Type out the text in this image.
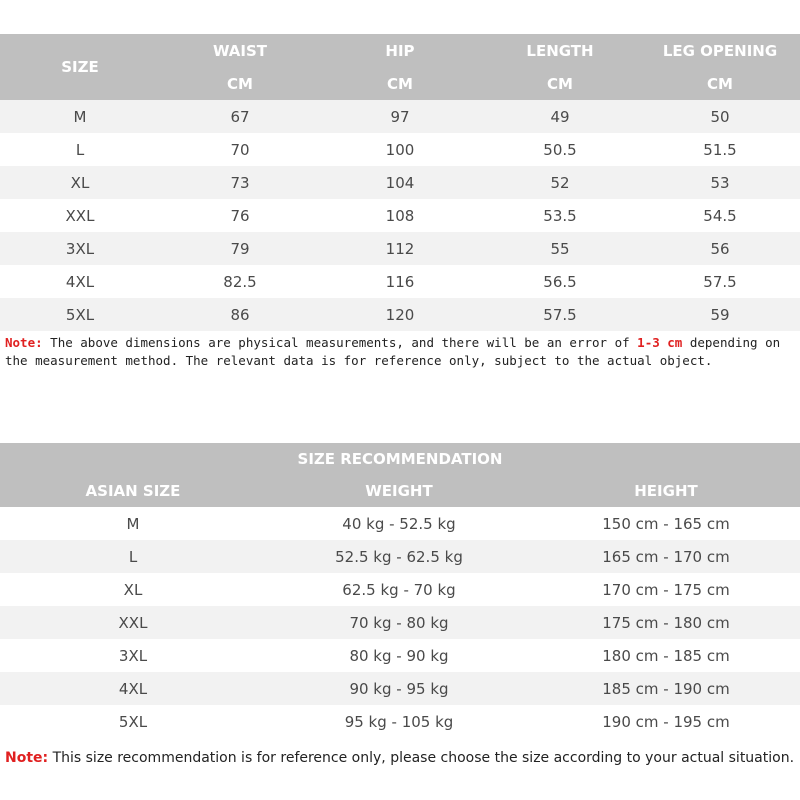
SIZE	WAIST	HIP	LENGTH	LEG OPENING
	CM	CM	CM	CM
M	67	97	49	50
L	70	100	50.5	51.5
XL	73	104	52	53
XXL	76	108	53.5	54.5
3XL	79	112	55	56
4XL	82.5	116	56.5	57.5
5XL	86	120	57.5	59
Note: The above dimensions are physical measurements, and there will be an error of 1-3 cm depending on the measurement method. The relevant data is for reference only, subject to the actual object.
SIZE RECOMMENDATION		
ASIAN SIZE	WEIGHT	HEIGHT
M	40 kg - 52.5 kg	150 cm - 165 cm
L	52.5 kg - 62.5 kg	165 cm - 170 cm
XL	62.5 kg - 70 kg	170 cm - 175 cm
XXL	70 kg - 80 kg	175 cm - 180 cm
3XL	80 kg - 90 kg	180 cm - 185 cm
4XL	90 kg - 95 kg	185 cm - 190 cm
5XL	95 kg - 105 kg	190 cm - 195 cm
Note: This size recommendation is for reference only, please choose the size according to your actual situation.
